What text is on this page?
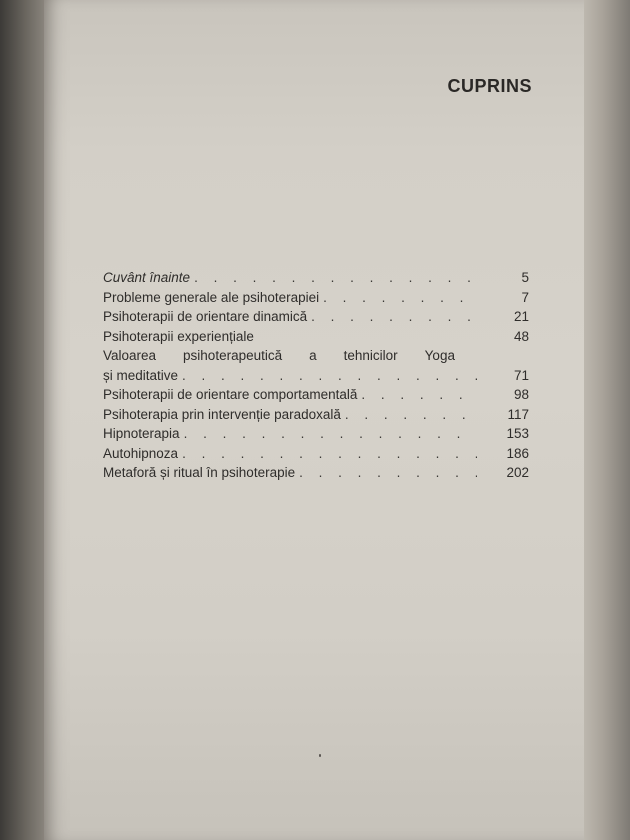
CUPRINS
Cuvânt înainte . . .	5
Probleme generale ale psihoterapiei . . .	7
Psihoterapii de orientare dinamică . . .	21
Psihoterapii experiențiale	48
Valoarea psihoterapeutică a tehnicilor Yoga
și meditative . . .	71
Psihoterapii de orientare comportamentală . . .	98
Psihoterapia prin intervenție paradoxală . . .	117
Hipnoterapia . . .	153
Autohipnoza . . .	186
Metaforă și ritual în psihoterapie . . .	202
